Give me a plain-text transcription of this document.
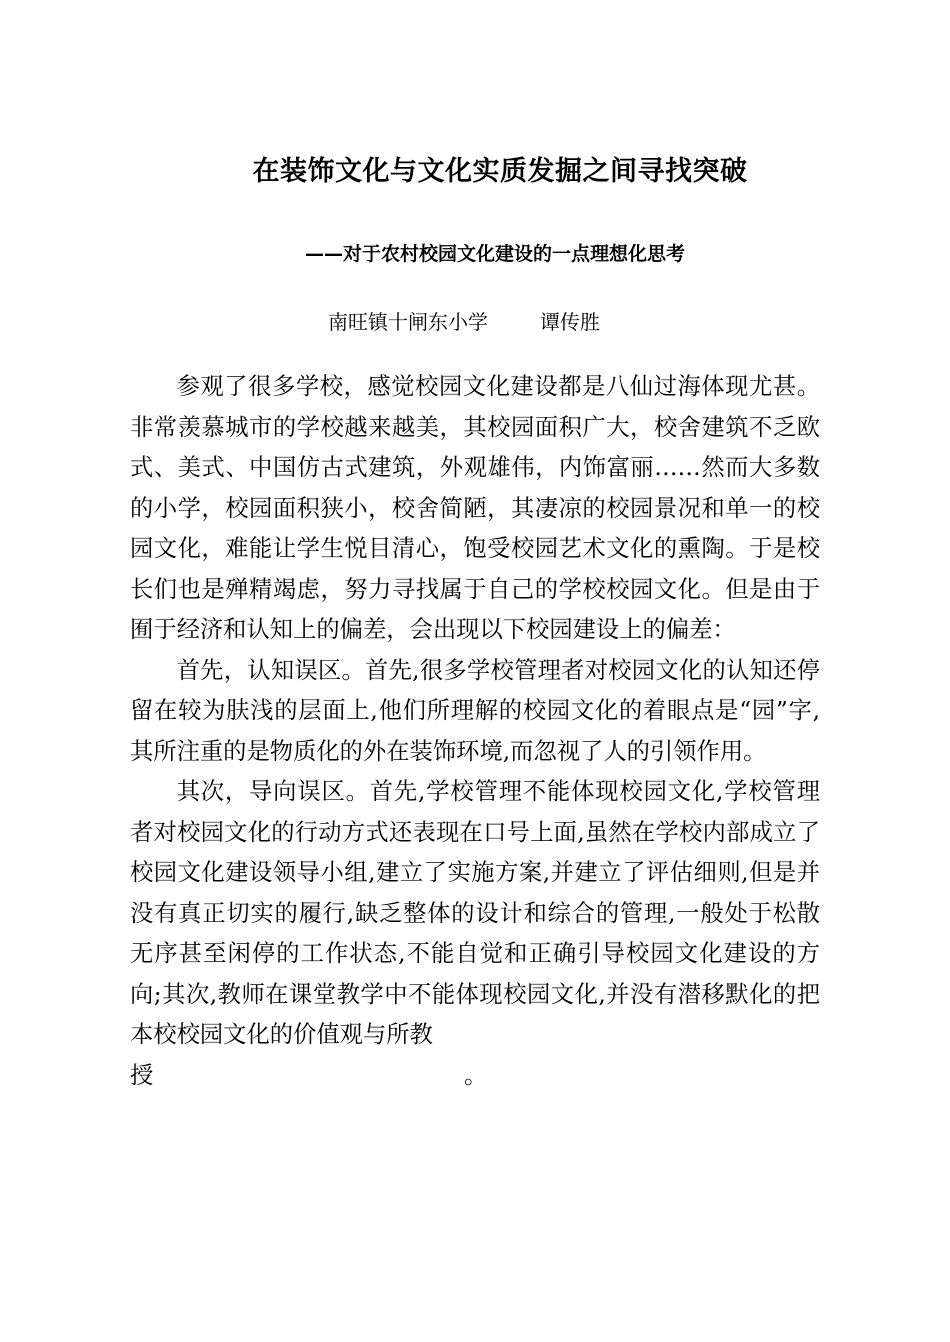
在装饰文化与文化实质发掘之间寻找突破
——对于农村校园文化建设的一点理想化思考
南旺镇十闸东小学	谭传胜

参观了很多学校，感觉校园文化建设都是八仙过海体现尤甚。非常羡慕城市的学校越来越美，其校园面积广大，校舍建筑不乏欧式、美式、中国仿古式建筑，外观雄伟，内饰富丽……然而大多数的小学，校园面积狭小，校舍简陋，其凄凉的校园景况和单一的校园文化，难能让学生悦目清心，饱受校园艺术文化的熏陶。于是校长们也是殚精竭虑，努力寻找属于自己的学校校园文化。但是由于囿于经济和认知上的偏差，会出现以下校园建设上的偏差：

首先，认知误区。首先,很多学校管理者对校园文化的认知还停留在较为肤浅的层面上,他们所理解的校园文化的着眼点是“园”字,其所注重的是物质化的外在装饰环境,而忽视了人的引领作用。

其次，导向误区。首先,学校管理不能体现校园文化,学校管理者对校园文化的行动方式还表现在口号上面,虽然在学校内部成立了校园文化建设领导小组,建立了实施方案,并建立了评估细则,但是并没有真正切实的履行,缺乏整体的设计和综合的管理,一般处于松散无序甚至闲停的工作状态,不能自觉和正确引导校园文化建设的方向;其次,教师在课堂教学中不能体现校园文化,并没有潜移默化的把本校校园文化的价值观与所教

授	。
